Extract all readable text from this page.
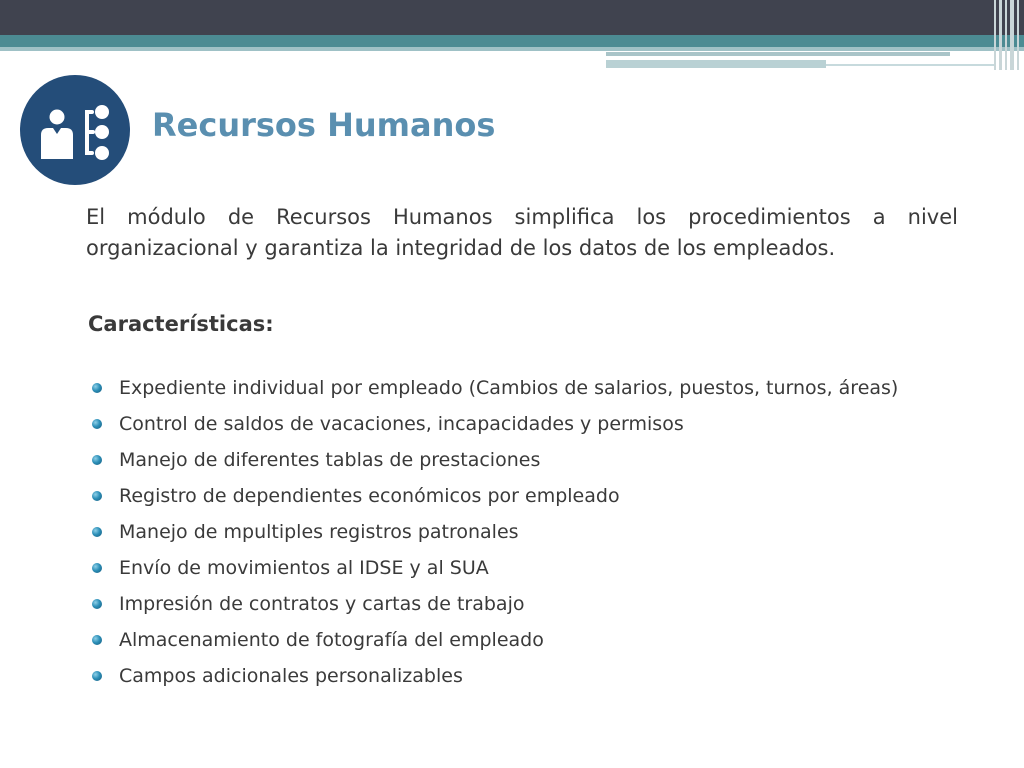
Recursos Humanos

El módulo de Recursos Humanos simplifica los procedimientos a nivel organizacional y garantiza la integridad de los datos de los empleados.

Características:
Expediente individual por empleado (Cambios de salarios, puestos, turnos, áreas)
Control de saldos de vacaciones, incapacidades y permisos
Manejo de diferentes tablas de prestaciones
Registro de dependientes económicos por empleado
Manejo de mpultiples registros patronales
Envío de movimientos al IDSE y al SUA
Impresión de contratos y cartas de trabajo
Almacenamiento de fotografía del empleado
Campos adicionales personalizables
